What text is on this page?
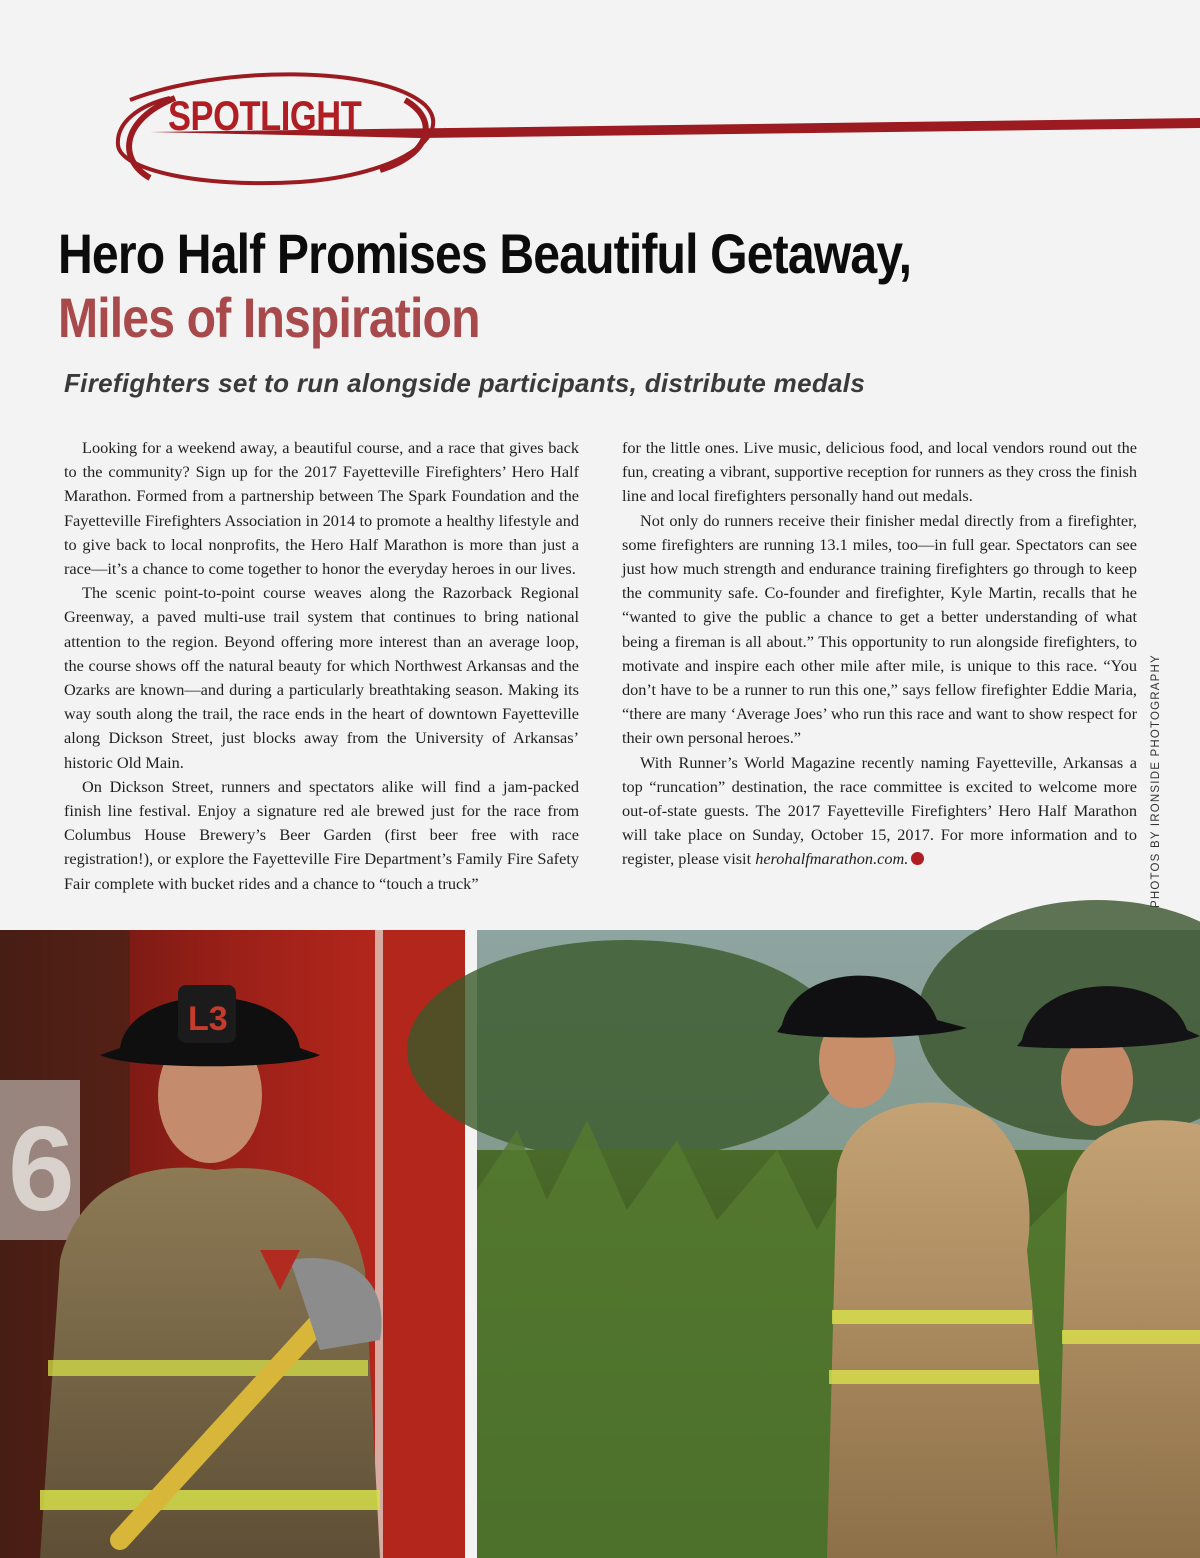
SPOTLIGHT
Hero Half Promises Beautiful Getaway,
Miles of Inspiration
Firefighters set to run alongside participants, distribute medals

Looking for a weekend away, a beautiful course, and a race that gives back to the community? Sign up for the 2017 Fayetteville Firefighters’ Hero Half Marathon. Formed from a partnership between The Spark Foundation and the Fayetteville Firefighters Association in 2014 to promote a healthy lifestyle and to give back to local nonprofits, the Hero Half Marathon is more than just a race—it’s a chance to come together to honor the everyday heroes in our lives.

The scenic point-to-point course weaves along the Razorback Regional Greenway, a paved multi-use trail system that continues to bring national attention to the region. Beyond offering more interest than an average loop, the course shows off the natural beauty for which Northwest Arkansas and the Ozarks are known—and during a particularly breathtaking season. Making its way south along the trail, the race ends in the heart of downtown Fayetteville along Dickson Street, just blocks away from the University of Arkansas’ historic Old Main.

On Dickson Street, runners and spectators alike will find a jam-packed finish line festival. Enjoy a signature red ale brewed just for the race from Columbus House Brewery’s Beer Garden (first beer free with race registration!), or explore the Fayetteville Fire Department’s Family Fire Safety Fair complete with bucket rides and a chance to “touch a truck”

for the little ones. Live music, delicious food, and local vendors round out the fun, creating a vibrant, supportive reception for runners as they cross the finish line and local firefighters personally hand out medals.

Not only do runners receive their finisher medal directly from a firefighter, some firefighters are running 13.1 miles, too—in full gear. Spectators can see just how much strength and endurance training firefighters go through to keep the community safe. Co-founder and firefighter, Kyle Martin, recalls that he “wanted to give the public a chance to get a better understanding of what being a fireman is all about.” This opportunity to run alongside firefighters, to motivate and inspire each other mile after mile, is unique to this race. “You don’t have to be a runner to run this one,” says fellow firefighter Eddie Maria, “there are many ‘Average Joes’ who run this race and want to show respect for their own personal heroes.”

With Runner’s World Magazine recently naming Fayetteville, Arkansas a top “runcation” destination, the race committee is excited to welcome more out-of-state guests. The 2017 Fayetteville Firefighters’ Hero Half Marathon will take place on Sunday, October 15, 2017. For more information and to register, please visit herohalfmarathon.com.	PHOTOS BY IRONSIDE PHOTOGRAPHY
6
L3
